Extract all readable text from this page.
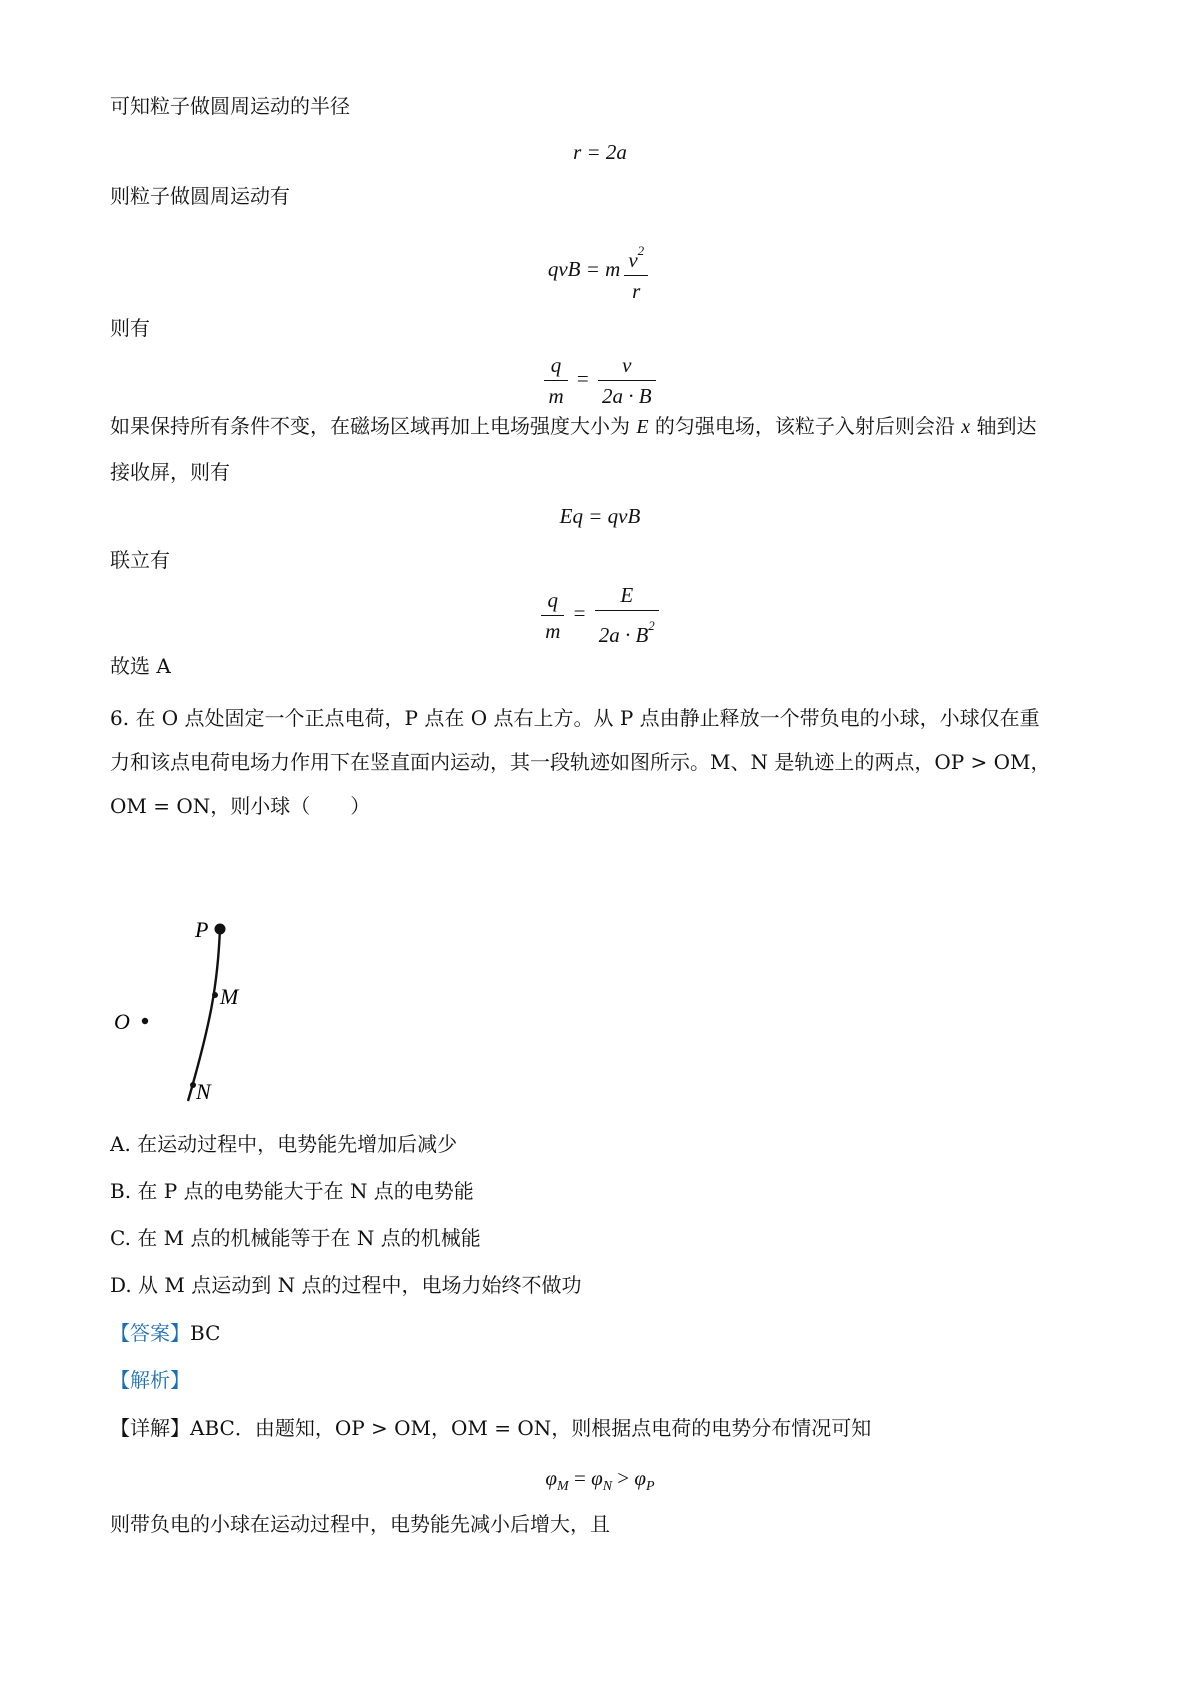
可知粒子做圆周运动的半径
r = 2a
则粒子做圆周运动有
qvB = m $\frac{v^2}{r}$
则有
$\frac{q}{m} = \frac{v}{2a \cdot B}$
如果保持所有条件不变，在磁场区域再加上电场强度大小为 E 的匀强电场，该粒子入射后则会沿 x 轴到达
接收屏，则有
Eq = qvB
联立有
$\frac{q}{m} = \frac{E}{2a \cdot B^2}$
故选 A
6. 在 O 点处固定一个正点电荷，P 点在 O 点右上方。从 P 点由静止释放一个带负电的小球，小球仅在重
力和该点电荷电场力作用下在竖直面内运动，其一段轨迹如图所示。M、N 是轨迹上的两点，OP > OM，
OM = ON，则小球（　　）
P
M
O
N
A. 在运动过程中，电势能先增加后减少
B. 在 P 点的电势能大于在 N 点的电势能
C. 在 M 点的机械能等于在 N 点的机械能
D. 从 M 点运动到 N 点的过程中，电场力始终不做功
【答案】BC
【解析】
【详解】ABC．由题知，OP > OM，OM = ON，则根据点电荷的电势分布情况可知
$\varphi_M = \varphi_N > \varphi_P$
则带负电的小球在运动过程中，电势能先减小后增大，且
